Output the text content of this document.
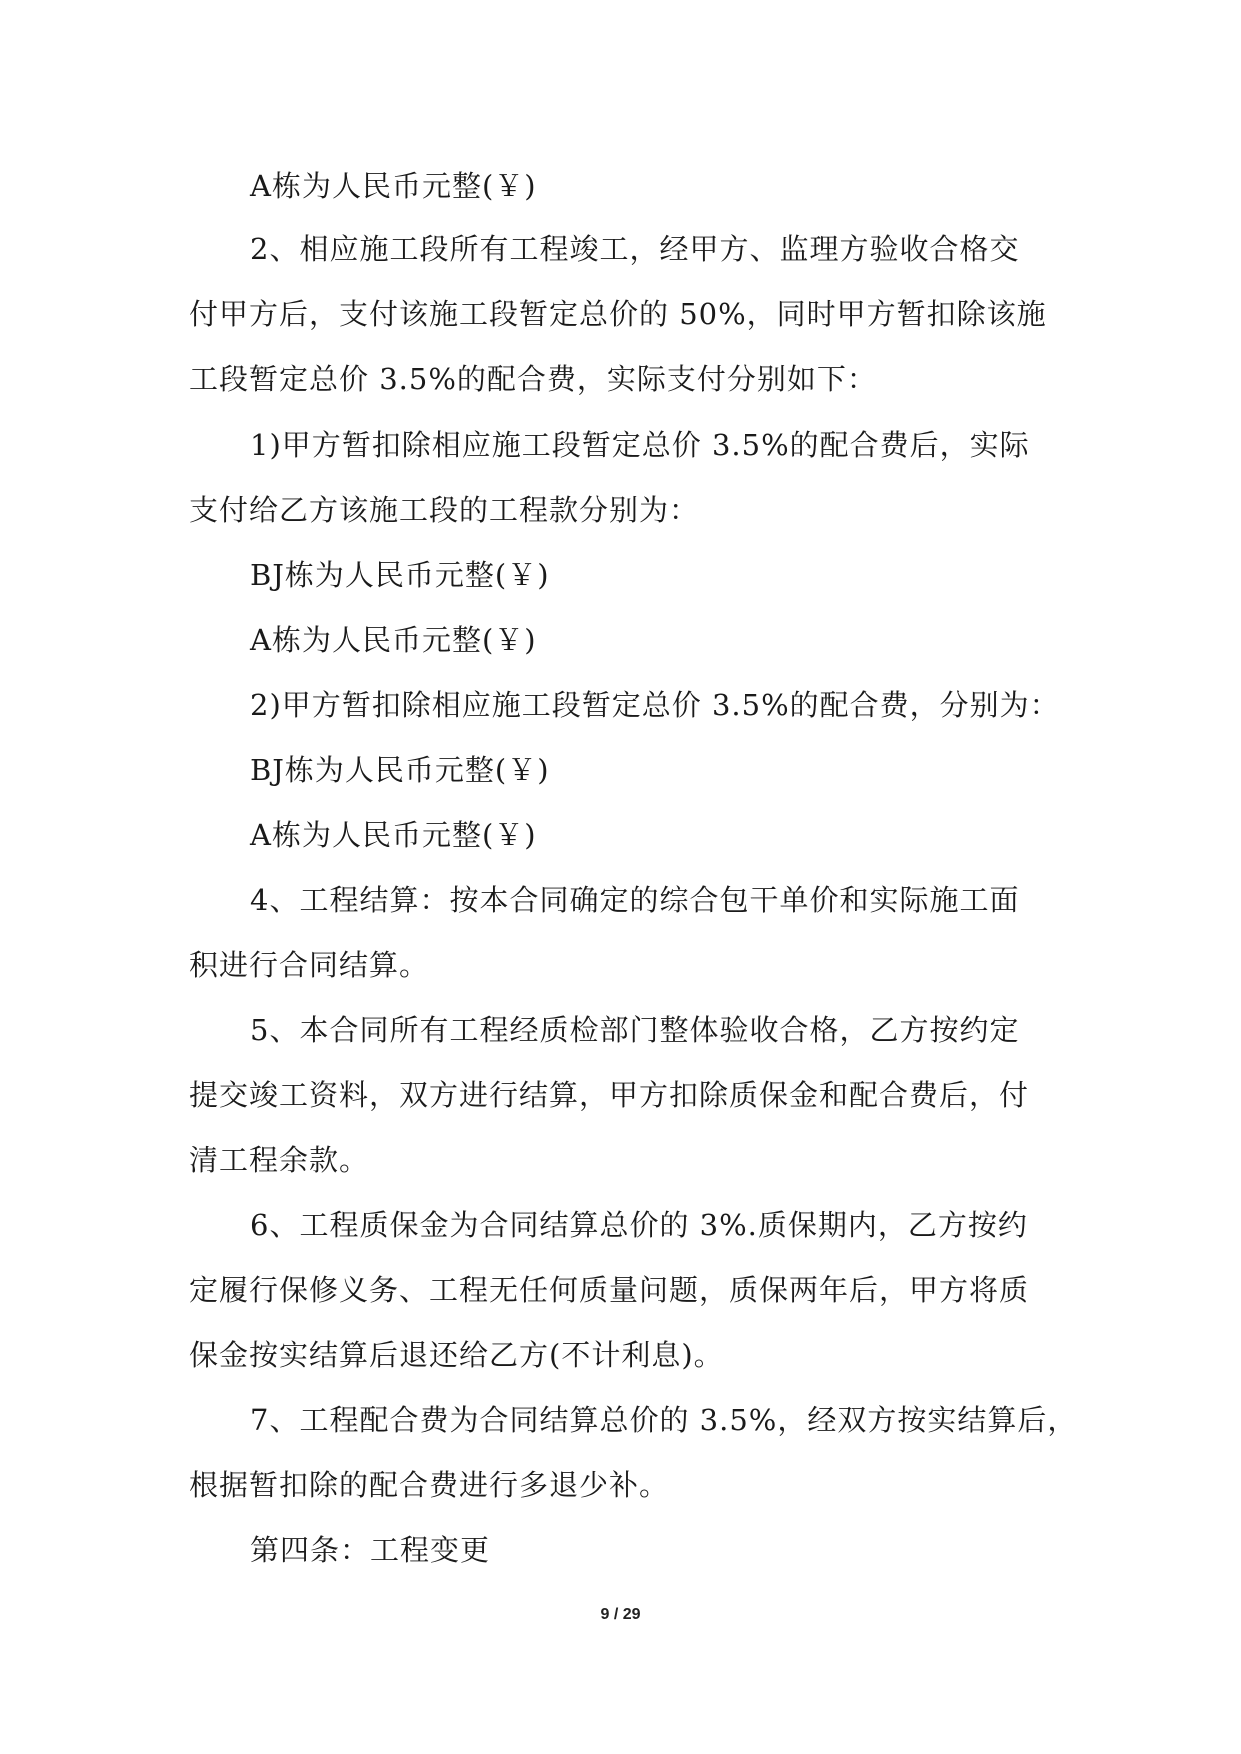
A栋为人民币元整(￥)
2、相应施工段所有工程竣工，经甲方、监理方验收合格交
付甲方后，支付该施工段暂定总价的 50%，同时甲方暂扣除该施
工段暂定总价 3.5%的配合费，实际支付分别如下：
1)甲方暂扣除相应施工段暂定总价 3.5%的配合费后，实际
支付给乙方该施工段的工程款分别为：
BJ栋为人民币元整(￥)
A栋为人民币元整(￥)
2)甲方暂扣除相应施工段暂定总价 3.5%的配合费，分别为：
BJ栋为人民币元整(￥)
A栋为人民币元整(￥)
4、工程结算：按本合同确定的综合包干单价和实际施工面
积进行合同结算。
5、本合同所有工程经质检部门整体验收合格，乙方按约定
提交竣工资料，双方进行结算，甲方扣除质保金和配合费后，付
清工程余款。
6、工程质保金为合同结算总价的 3%.质保期内，乙方按约
定履行保修义务、工程无任何质量问题，质保两年后，甲方将质
保金按实结算后退还给乙方(不计利息)。
7、工程配合费为合同结算总价的 3.5%，经双方按实结算后，
根据暂扣除的配合费进行多退少补。
第四条：工程变更
9 / 29
